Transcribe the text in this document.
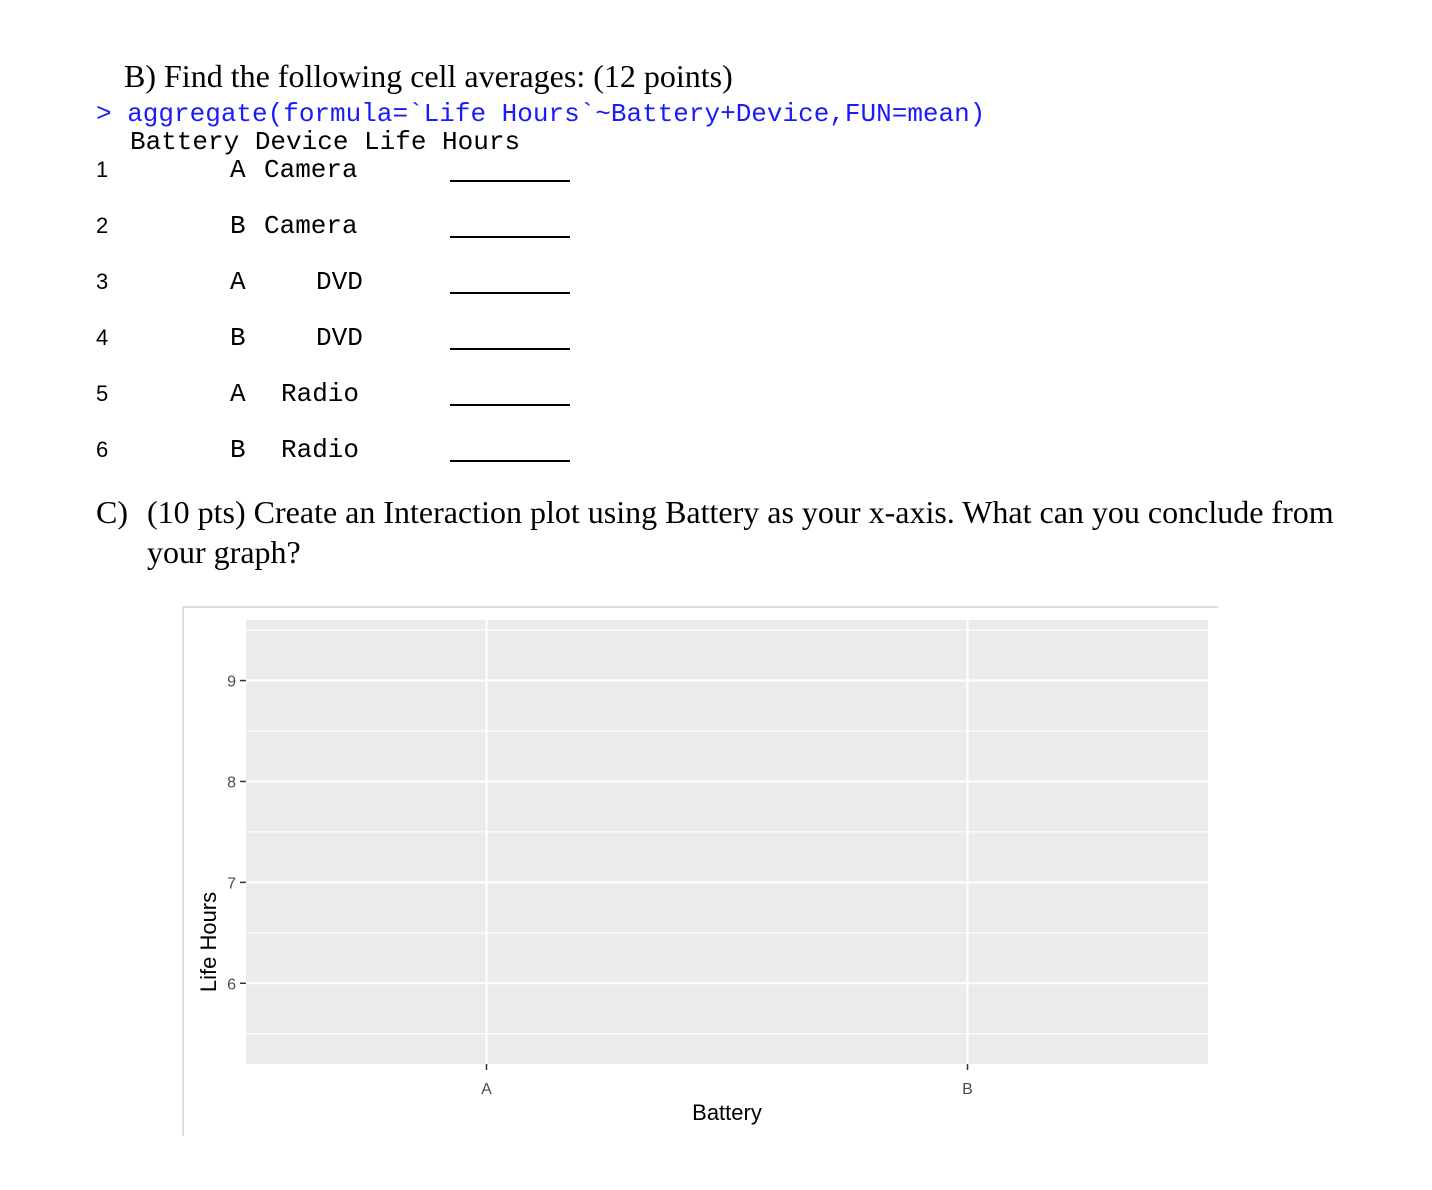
B) Find the following cell averages: (12 points)
> aggregate(formula=`Life Hours`~Battery+Device,FUN=mean)
Battery Device Life Hours
1	A Camera
2	B Camera
3	A	DVD
4	B	DVD
5	A Radio
6	B Radio
C) (10 pts) Create an Interaction plot using Battery as your x-axis. What can you conclude from your graph?
6
7
8
9
A	B
Battery
Life Hours
